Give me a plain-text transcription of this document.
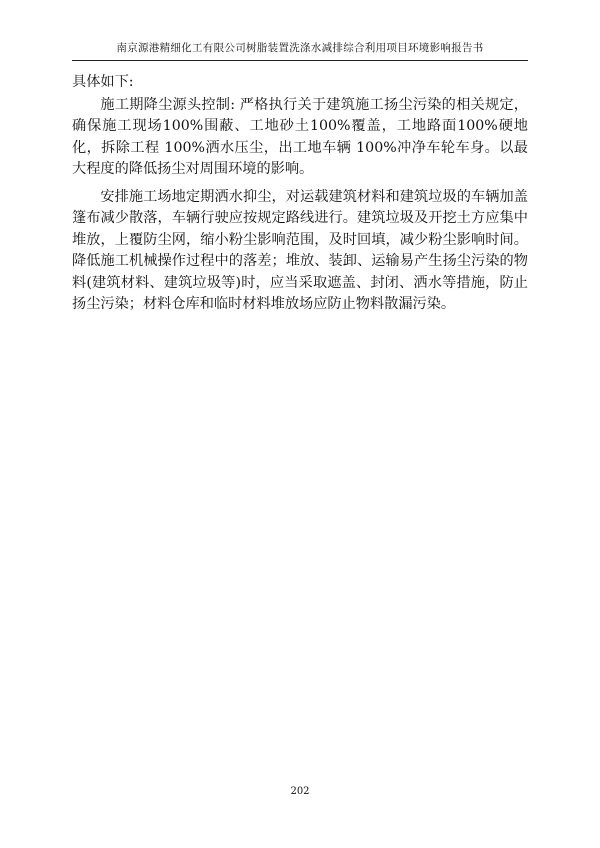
南京源港精细化工有限公司树脂装置洗涤水减排综合利用项目环境影响报告书

具体如下:

施工期降尘源头控制: 严格执行关于建筑施工扬尘污染的相关规定，确保施工现场100%围蔽、工地砂土100%覆盖，工地路面100%硬地化，拆除工程 100%洒水压尘，出工地车辆 100%冲净车轮车身。以最大程度的降低扬尘对周围环境的影响。

安排施工场地定期洒水抑尘，对运载建筑材料和建筑垃圾的车辆加盖篷布减少散落，车辆行驶应按规定路线进行。建筑垃圾及开挖土方应集中堆放，上覆防尘网，缩小粉尘影响范围，及时回填，减少粉尘影响时间。降低施工机械操作过程中的落差；堆放、装卸、运输易产生扬尘污染的物料(建筑材料、建筑垃圾等)时，应当采取遮盖、封闭、洒水等措施，防止扬尘污染；材料仓库和临时材料堆放场应防止物料散漏污染。

202
